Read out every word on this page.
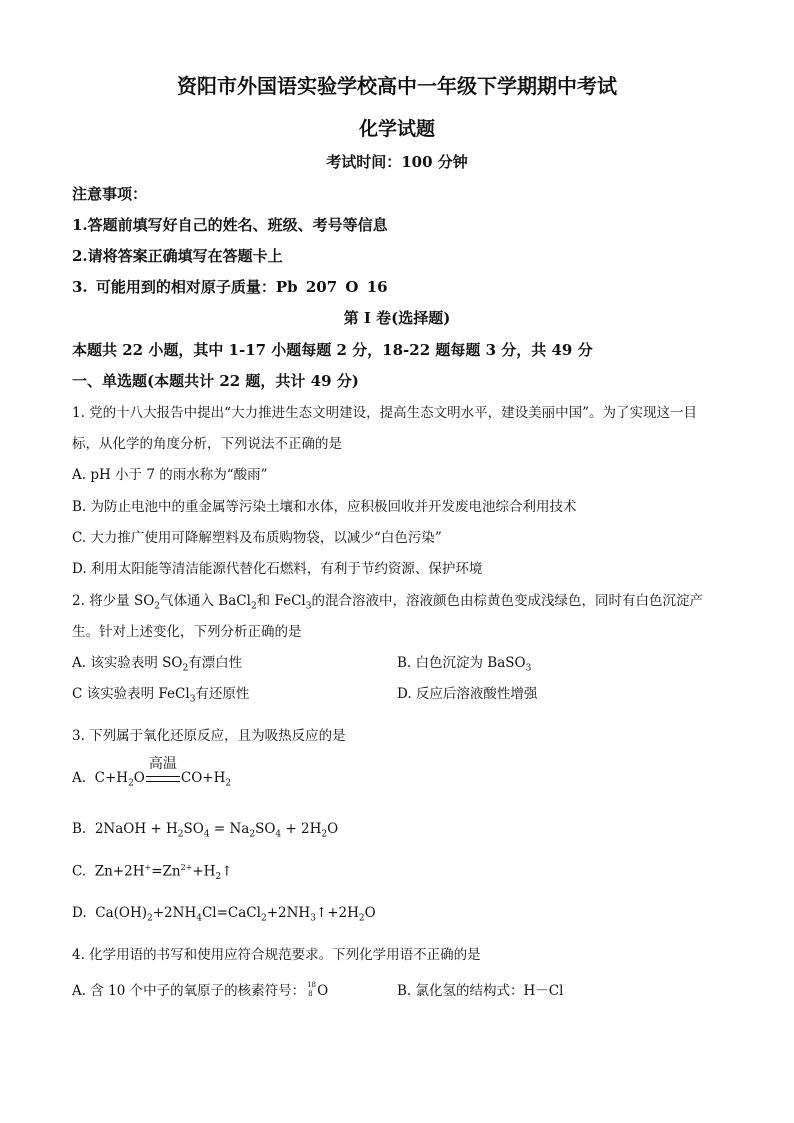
资阳市外国语实验学校高中一年级下学期期中考试
化学试题
考试时间：100 分钟
注意事项：
1.答题前填写好自己的姓名、班级、考号等信息
2.请将答案正确填写在答题卡上
3. 可能用到的相对原子质量：Pb 207 O 16
第 I 卷(选择题)
本题共 22 小题，其中 1-17 小题每题 2 分，18-22 题每题 3 分，共 49 分
一、单选题(本题共计 22 题，共计 49 分)
1. 党的十八大报告中提出“大力推进生态文明建设，提高生态文明水平，建设美丽中国”。为了实现这一目
标，从化学的角度分析，下列说法不正确的是
A. pH 小于 7 的雨水称为“酸雨”
B. 为防止电池中的重金属等污染土壤和水体，应积极回收并开发废电池综合利用技术
C. 大力推广使用可降解塑料及布质购物袋，以减少“白色污染”
D. 利用太阳能等清洁能源代替化石燃料，有利于节约资源、保护环境
2. 将少量 $SO_2$气体通入 BaCl$_2$和 FeCl$_3$的混合溶液中，溶液颜色由棕黄色变成浅绿色，同时有白色沉淀产
生。针对上述变化，下列分析正确的是
A. 该实验表明 $SO_2$有漂白性	B. 白色沉淀为 BaSO$_3$
C 该实验表明 FeCl$_3$有还原性	D. 反应后溶液酸性增强
3. 下列属于氧化还原反应，且为吸热反应的是
A. $C+H_2O$
高温
$CO+H_2$
B. 2NaOH + $H_2SO_4 = Na_2SO_4 + 2H_2O$
C. $Zn+2H^+=Zn^{2+}+H_2↑$
D. $Ca(OH)_2+2NH_4Cl=CaCl_2+2NH_3↑+2H_2O$
4. 化学用语的书写和使用应符合规范要求。下列化学用语不正确的是
A. 含 10 个中子的氧原子的核素符号： 18
8 O	B. 氯化氢的结构式：H－Cl
